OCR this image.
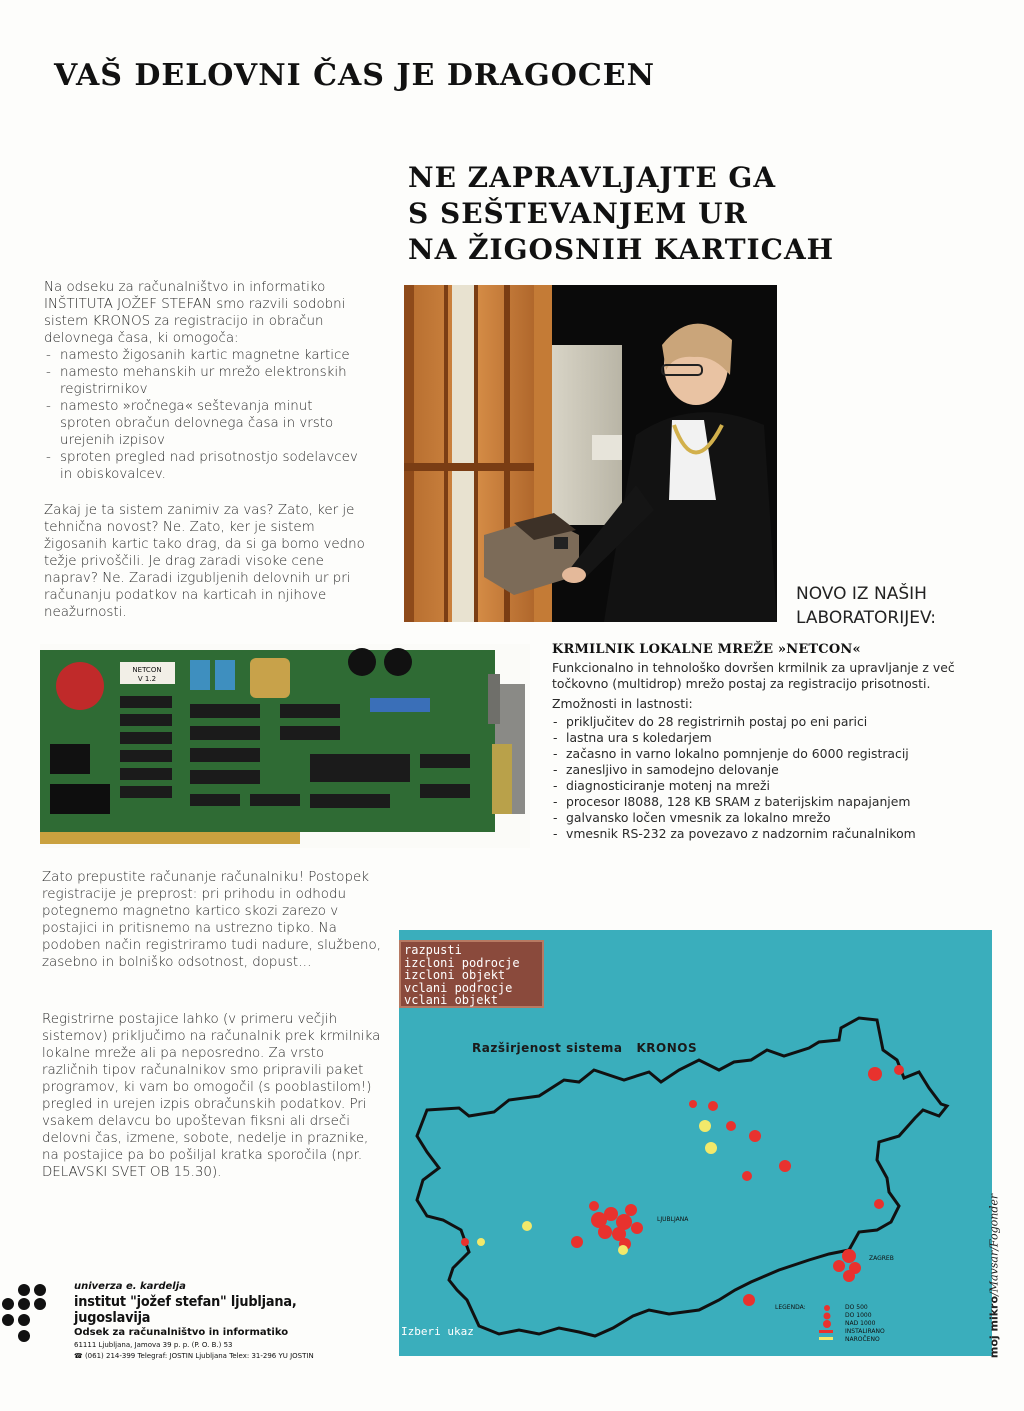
VAŠ DELOVNI ČAS JE DRAGOCEN
NE ZAPRAVLJAJTE GA
S SEŠTEVANJEM UR
NA ŽIGOSNIH KARTICAH

Na odseku za računalništvo in informatiko INŠTITUTA JOŽEF STEFAN smo razvili sodobni sistem KRONOS za registracijo in obračun delovnega časa, ki omogoča:

- namesto žigosanih kartic magnetne kartice
- namesto mehanskih ur mrežo elektronskih registrirnikov
- namesto »ročnega« seštevanja minut sproten obračun delovnega časa in vrsto urejenih izpisov
- sproten pregled nad prisotnostjo sodelavcev in obiskovalcev.

Zakaj je ta sistem zanimiv za vas? Zato, ker je tehnična novost? Ne. Zato, ker je sistem žigosanih kartic tako drag, da si ga bomo vedno težje privoščili. Je drag zaradi visoke cene naprav? Ne. Zaradi izgubljenih delovnih ur pri računanju podatkov na karticah in njihove neažurnosti.

NOVO IZ NAŠIH
LABORATORIJEV:
KRMILNIK LOKALNE MREŽE »NETCON«

Funkcionalno in tehnološko dovršen krmilnik za upravljanje z več točkovno (multidrop) mrežo postaj za registracijo prisotnosti.

Zmožnosti in lastnosti:

- priključitev do 28 registrirnih postaj po eni parici
- lastna ura s koledarjem
- začasno in varno lokalno pomnjenje do 6000 registracij
- zanesljivo in samodejno delovanje
- diagnosticiranje motenj na mreži
- procesor I8088, 128 KB SRAM z baterijskim napajanjem
- galvansko ločen vmesnik za lokalno mrežo
- vmesnik RS-232 za povezavo z nadzornim računalnikom
NETCON
V 1.2

Zato prepustite računanje računalniku! Postopek registracije je preprost: pri prihodu in odhodu potegnemo magnetno kartico skozi zarezo v postajici in pritisnemo na ustrezno tipko. Na podoben način registriramo tudi nadure, službeno, zasebno in bolniško odsotnost, dopust…

Registrirne postajice lahko (v primeru večjih sistemov) priključimo na računalnik prek krmilnika lokalne mreže ali pa neposredno. Za vrsto različnih tipov računalnikov smo pripravili paket programov, ki vam bo omogočil (s pooblastilom!) pregled in urejen izpis obračunskih podatkov. Pri vsakem delavcu bo upoštevan fiksni ali drseči delovni čas, izmene, sobote, nedelje in praznike, na postajice pa bo pošiljal kratka sporočila (npr. DELAVSKI SVET OB 15.30).

razpusti
izcloni podrocje
izcloni objekt
vclani podrocje
vclani objekt
Razširjenost sistema   KRONOS
LJUBLJANA
ZAGREB
LEGENDA:	DO 500
DO 1000
NAD 1000
INSTALIRANO
NAROČENO
Izberi ukaz	moj mikro/Mavsar/Fogonder
univerza e. kardelja
institut "jožef stefan" ljubljana, jugoslavija
Odsek za računalništvo in informatiko
61111 Ljubljana, Jamova 39 p. p. (P. O. B.) 53
☎ (061) 214-399 Telegraf: JOSTIN Ljubljana Telex: 31-296 YU JOSTIN
